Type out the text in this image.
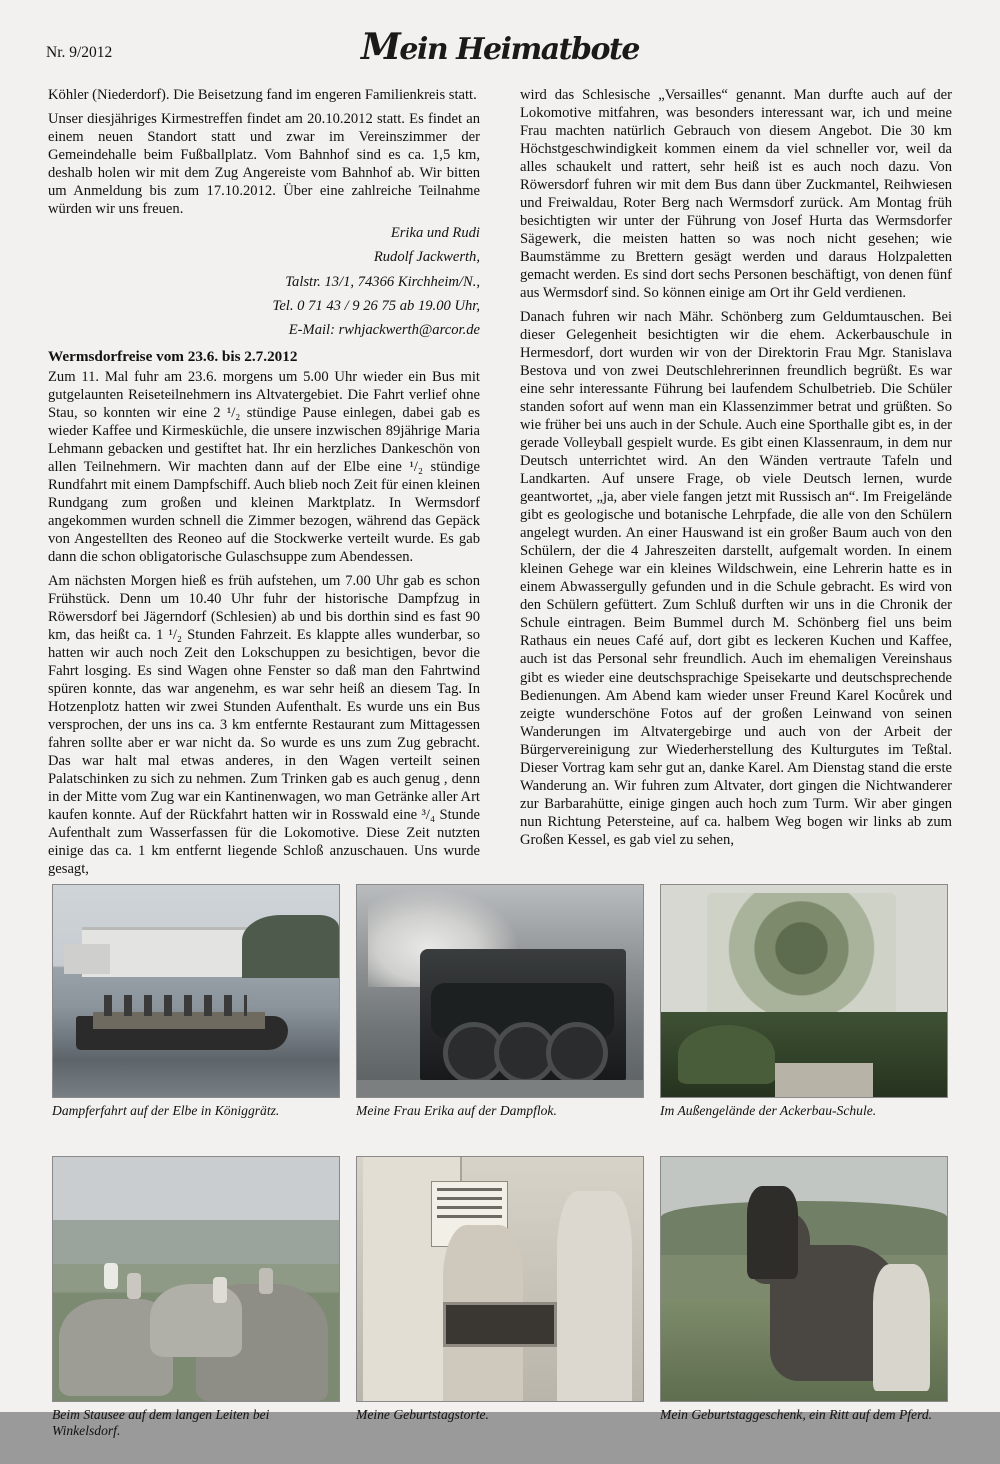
Nr. 9/2012	Mein Heimatbote

Köhler (Niederdorf). Die Beisetzung fand im engeren Familienkreis statt.

Unser diesjähriges Kirmestreffen findet am 20.10.2012 statt. Es findet an einem neuen Standort statt und zwar im Vereinszimmer der Gemeindehalle beim Fußballplatz. Vom Bahnhof sind es ca. 1,5 km, deshalb holen wir mit dem Zug Angereiste vom Bahnhof ab. Wir bitten um Anmeldung bis zum 17.10.2012. Über eine zahlreiche Teilnahme würden wir uns freuen.

Erika und Rudi

Rudolf Jackwerth,

Talstr. 13/1, 74366 Kirchheim/N.,

Tel. 0 71 43 / 9 26 75 ab 19.00 Uhr,

E-Mail: rwhjackwerth@arcor.de

Wermsdorfreise vom 23.6. bis 2.7.2012

Zum 11. Mal fuhr am 23.6. morgens um 5.00 Uhr wieder ein Bus mit gutgelaunten Reiseteilnehmern ins Altvatergebiet. Die Fahrt verlief ohne Stau, so konnten wir eine 2 ¹/₂ stündige Pause einlegen, dabei gab es wieder Kaffee und Kirmesküchle, die unsere inzwischen 89jährige Maria Lehmann gebacken und gestiftet hat. Ihr ein herzliches Dankeschön von allen Teilnehmern. Wir machten dann auf der Elbe eine ¹/₂ stündige Rundfahrt mit einem Dampfschiff. Auch blieb noch Zeit für einen kleinen Rundgang zum großen und kleinen Marktplatz. In Wermsdorf angekommen wurden schnell die Zimmer bezogen, während das Gepäck von Angestellten des Reoneo auf die Stockwerke verteilt wurde. Es gab dann die schon obligatorische Gulaschsuppe zum Abendessen.

Am nächsten Morgen hieß es früh aufstehen, um 7.00 Uhr gab es schon Frühstück. Denn um 10.40 Uhr fuhr der historische Dampfzug in Röwersdorf bei Jägerndorf (Schlesien) ab und bis dorthin sind es fast 90 km, das heißt ca. 1 ¹/₂ Stunden Fahrzeit. Es klappte alles wunderbar, so hatten wir auch noch Zeit den Lokschuppen zu besichtigen, bevor die Fahrt losging. Es sind Wagen ohne Fenster so daß man den Fahrtwind spüren konnte, das war angenehm, es war sehr heiß an diesem Tag. In Hotzenplotz hatten wir zwei Stunden Aufenthalt. Es wurde uns ein Bus versprochen, der uns ins ca. 3 km entfernte Restaurant zum Mittagessen fahren sollte aber er war nicht da. So wurde es uns zum Zug gebracht. Das war halt mal etwas anderes, in den Wagen verteilt seinen Palatschinken zu sich zu nehmen. Zum Trinken gab es auch genug , denn in der Mitte vom Zug war ein Kantinenwagen, wo man Getränke aller Art kaufen konnte. Auf der Rückfahrt hatten wir in Rosswald eine ³/₄ Stunde Aufenthalt zum Wasserfassen für die Lokomotive. Diese Zeit nutzten einige das ca. 1 km entfernt liegende Schloß anzuschauen. Uns wurde gesagt,

wird das Schlesische „Versailles“ genannt. Man durfte auch auf der Lokomotive mitfahren, was besonders interessant war, ich und meine Frau machten natürlich Gebrauch von diesem Angebot. Die 30 km Höchstgeschwindigkeit kommen einem da viel schneller vor, weil da alles schaukelt und rattert, sehr heiß ist es auch noch dazu. Von Röwersdorf fuhren wir mit dem Bus dann über Zuckmantel, Reihwiesen und Freiwaldau, Roter Berg nach Wermsdorf zurück. Am Montag früh besichtigten wir unter der Führung von Josef Hurta das Wermsdorfer Sägewerk, die meisten hatten so was noch nicht gesehen; wie Baumstämme zu Brettern gesägt werden und daraus Holzpaletten gemacht werden. Es sind dort sechs Personen beschäftigt, von denen fünf aus Wermsdorf sind. So können einige am Ort ihr Geld verdienen.

Danach fuhren wir nach Mähr. Schönberg zum Geldumtauschen. Bei dieser Gelegenheit besichtigten wir die ehem. Ackerbauschule in Hermesdorf, dort wurden wir von der Direktorin Frau Mgr. Stanislava Bestova und von zwei Deutschlehrerinnen freundlich begrüßt. Es war eine sehr interessante Führung bei laufendem Schulbetrieb. Die Schüler standen sofort auf wenn man ein Klassenzimmer betrat und grüßten. So wie früher bei uns auch in der Schule. Auch eine Sporthalle gibt es, in der gerade Volleyball gespielt wurde. Es gibt einen Klassenraum, in dem nur Deutsch unterrichtet wird. An den Wänden vertraute Tafeln und Landkarten. Auf unsere Frage, ob viele Deutsch lernen, wurde geantwortet, „ja, aber viele fangen jetzt mit Russisch an“. Im Freigelände gibt es geologische und botanische Lehrpfade, die alle von den Schülern angelegt wurden. An einer Hauswand ist ein großer Baum auch von den Schülern, der die 4 Jahreszeiten darstellt, aufgemalt worden. In einem kleinen Gehege war ein kleines Wildschwein, eine Lehrerin hatte es in einem Abwassergully gefunden und in die Schule gebracht. Es wird von den Schülern gefüttert. Zum Schluß durften wir uns in die Chronik der Schule eintragen. Beim Bummel durch M. Schönberg fiel uns beim Rathaus ein neues Café auf, dort gibt es leckeren Kuchen und Kaffee, auch ist das Personal sehr freundlich. Auch im ehemaligen Vereinshaus gibt es wieder eine deutschsprachige Speisekarte und deutschsprechende Bedienungen. Am Abend kam wieder unser Freund Karel Kocůrek und zeigte wunderschöne Fotos auf der großen Leinwand von seinen Wanderungen im Altvatergebirge und auch von der Arbeit der Bürgervereinigung zur Wiederherstellung des Kulturgutes im Teßtal. Dieser Vortrag kam sehr gut an, danke Karel. Am Dienstag stand die erste Wanderung an. Wir fuhren zum Altvater, dort gingen die Nichtwanderer zur Barbarahütte, einige gingen auch hoch zum Turm. Wir aber gingen nun Richtung Petersteine, auf ca. halbem Weg bogen wir links ab zum Großen Kessel, es gab viel zu sehen,

Dampferfahrt auf der Elbe in Königgrätz.	Meine Frau Erika auf der Dampflok.	Im Außengelände der Ackerbau-Schule.
Beim Stausee auf dem langen Leiten bei Winkelsdorf.
Meine Geburtstagstorte.	Mein Geburtstaggeschenk, ein Ritt auf dem Pferd.
